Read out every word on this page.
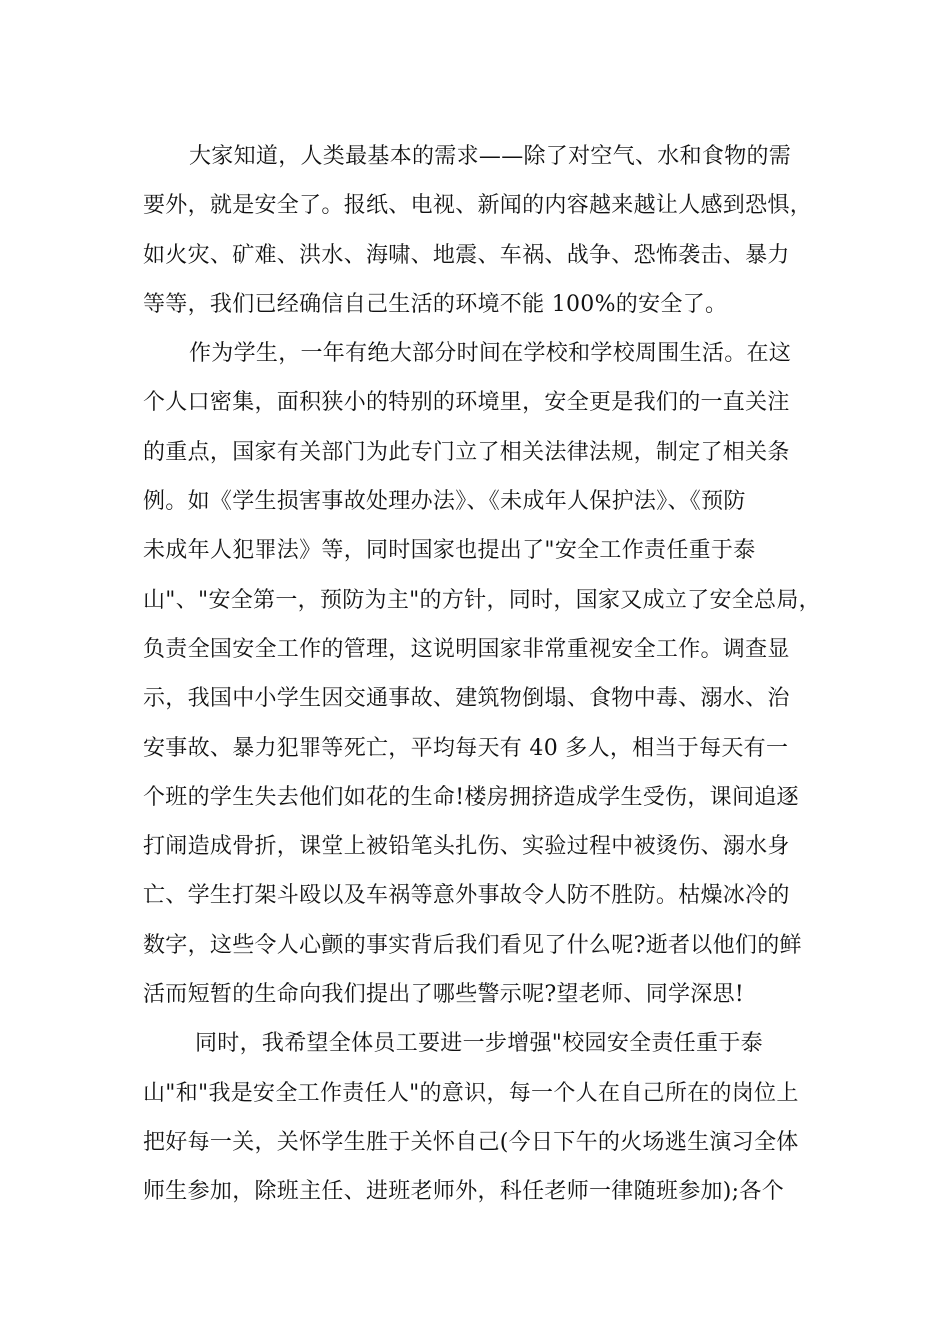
大家知道，人类最基本的需求——除了对空气、水和食物的需
要外，就是安全了。报纸、电视、新闻的内容越来越让人感到恐惧，
如火灾、矿难、洪水、海啸、地震、车祸、战争、恐怖袭击、暴力
等等，我们已经确信自己生活的环境不能 100%的安全了。
作为学生，一年有绝大部分时间在学校和学校周围生活。在这
个人口密集，面积狭小的特别的环境里，安全更是我们的一直关注
的重点，国家有关部门为此专门立了相关法律法规，制定了相关条
例。如《学生损害事故处理办法》、《未成年人保护法》、《预防
未成年人犯罪法》等，同时国家也提出了"安全工作责任重于泰
山"、"安全第一，预防为主"的方针，同时，国家又成立了安全总局，
负责全国安全工作的管理，这说明国家非常重视安全工作。调查显
示，我国中小学生因交通事故、建筑物倒塌、食物中毒、溺水、治
安事故、暴力犯罪等死亡，平均每天有 40 多人，相当于每天有一
个班的学生失去他们如花的生命!楼房拥挤造成学生受伤，课间追逐
打闹造成骨折，课堂上被铅笔头扎伤、实验过程中被烫伤、溺水身
亡、学生打架斗殴以及车祸等意外事故令人防不胜防。枯燥冰冷的
数字，这些令人心颤的事实背后我们看见了什么呢?逝者以他们的鲜
活而短暂的生命向我们提出了哪些警示呢?望老师、同学深思!
同时，我希望全体员工要进一步增强"校园安全责任重于泰
山"和"我是安全工作责任人"的意识，每一个人在自己所在的岗位上
把好每一关，关怀学生胜于关怀自己(今日下午的火场逃生演习全体
师生参加，除班主任、进班老师外，科任老师一律随班参加);各个
